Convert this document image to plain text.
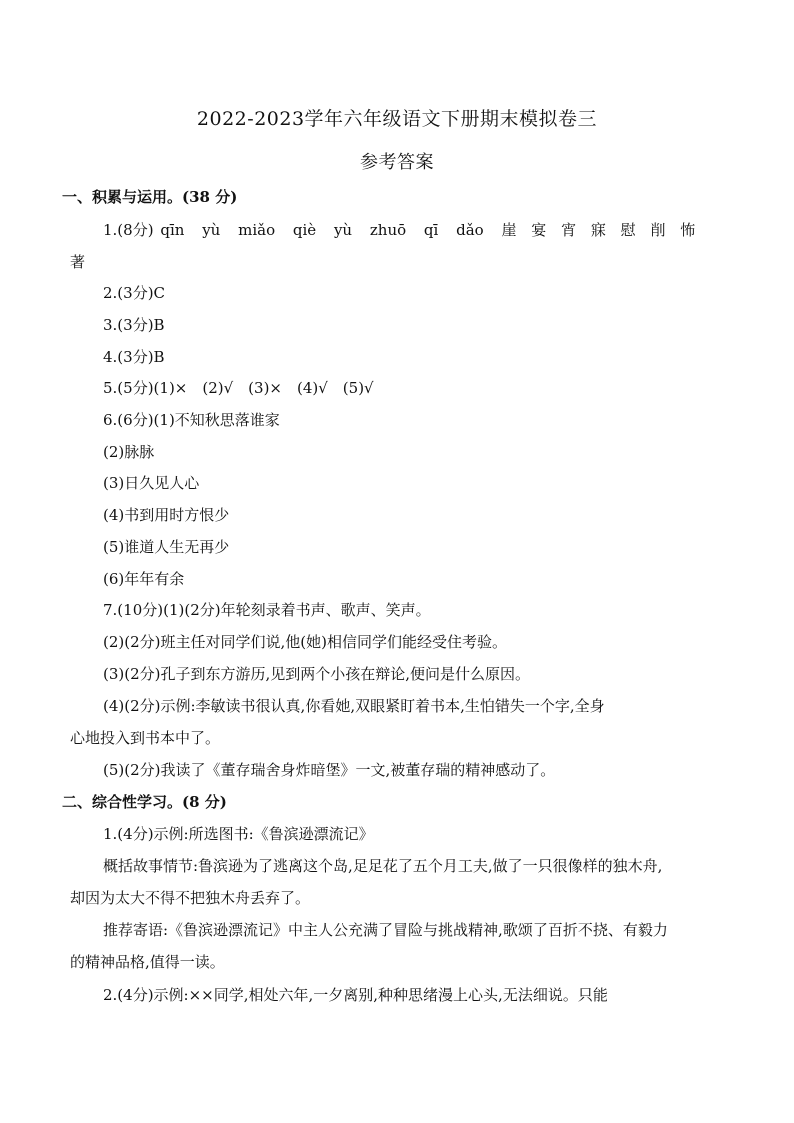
2022-2023学年六年级语文下册期末模拟卷三
参考答案
一、积累与运用。(38 分)
1.(8分) qīn yù miǎo qiè yù zhuō qī dǎo 崖 宴 宵 寐 慰 削 怖
著
2.(3分)C
3.(3分)B
4.(3分)B
5.(5分)(1)×　(2)√　(3)×　(4)√　(5)√
6.(6分)(1)不知秋思落谁家
(2)脉脉
(3)日久见人心
(4)书到用时方恨少
(5)谁道人生无再少
(6)年年有余
7.(10分)(1)(2分)年轮刻录着书声、歌声、笑声。
(2)(2分)班主任对同学们说,他(她)相信同学们能经受住考验。
(3)(2分)孔子到东方游历,见到两个小孩在辩论,便问是什么原因。
(4)(2分)示例:李敏读书很认真,你看她,双眼紧盯着书本,生怕错失一个字,全身
心地投入到书本中了。
(5)(2分)我读了《董存瑞舍身炸暗堡》一文,被董存瑞的精神感动了。
二、综合性学习。(8 分)
1.(4分)示例:所选图书:《鲁滨逊漂流记》
概括故事情节:鲁滨逊为了逃离这个岛,足足花了五个月工夫,做了一只很像样的独木舟,
却因为太大不得不把独木舟丢弃了。
推荐寄语:《鲁滨逊漂流记》中主人公充满了冒险与挑战精神,歌颂了百折不挠、有毅力
的精神品格,值得一读。
2.(4分)示例:××同学,相处六年,一夕离别,种种思绪漫上心头,无法细说。只能
